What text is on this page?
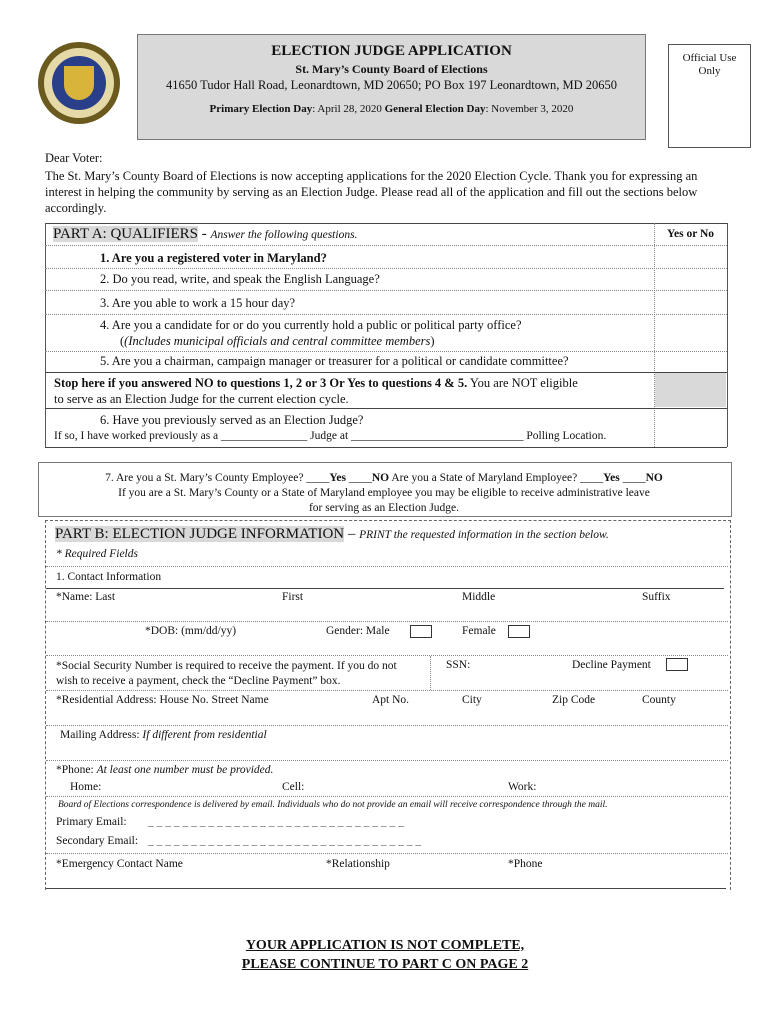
ELECTION JUDGE APPLICATION
St. Mary’s County Board of Elections
41650 Tudor Hall Road, Leonardtown, MD 20650; PO Box 197 Leonardtown, MD 20650
Primary Election Day: April 28, 2020 General Election Day: November 3, 2020
Official Use
Only
Dear Voter:
The St. Mary’s County Board of Elections is now accepting applications for the 2020 Election Cycle. Thank you for expressing an
interest in helping the community by serving as an Election Judge. Please read all of the application and fill out the sections below
accordingly.
PART A: QUALIFIERS - Answer the following questions.	Yes or No
1. Are you a registered voter in Maryland?
2. Do you read, write, and speak the English Language?
3. Are you able to work a 15 hour day?
4. Are you a candidate for or do you currently hold a public or political party office?
((Includes municipal officials and central committee members)
5. Are you a chairman, campaign manager or treasurer for a political or candidate committee?
Stop here if you answered NO to questions 1, 2 or 3 Or Yes to questions 4 & 5. You are NOT eligible
to serve as an Election Judge for the current election cycle.
6. Have you previously served as an Election Judge?
If so, I have worked previously as a _______________ Judge at ______________________________ Polling Location.
7. Are you a St. Mary’s County Employee? ____Yes ____NO Are you a State of Maryland Employee? ____Yes ____NO
If you are a St. Mary’s County or a State of Maryland employee you may be eligible to receive administrative leave
for serving as an Election Judge.
PART B: ELECTION JUDGE INFORMATION – PRINT the requested information in the section below.
* Required Fields
1. Contact Information
*Name: Last	First	Middle	Suffix
*DOB: (mm/dd/yy)	Gender: Male	Female
*Social Security Number is required to receive the payment. If you do not
wish to receive a payment, check the “Decline Payment” box.
SSN:	Decline Payment
*Residential Address: House No. Street Name	Apt No.	City	Zip Code	County
Mailing Address: If different from residential
*Phone: At least one number must be provided.
Home:	Cell:	Work:
Board of Elections correspondence is delivered by email. Individuals who do not provide an email will receive correspondence through the mail.
Primary Email: _ _ _ _ _ _ _ _ _ _ _ _ _ _ _ _ _ _ _ _ _ _ _ _ _ _ _ _ _ _
Secondary Email: _ _ _ _ _ _ _ _ _ _ _ _ _ _ _ _ _ _ _ _ _ _ _ _ _ _ _ _ _ _ _ _
*Emergency Contact Name	*Relationship	*Phone
YOUR APPLICATION IS NOT COMPLETE,
PLEASE CONTINUE TO PART C ON PAGE 2
